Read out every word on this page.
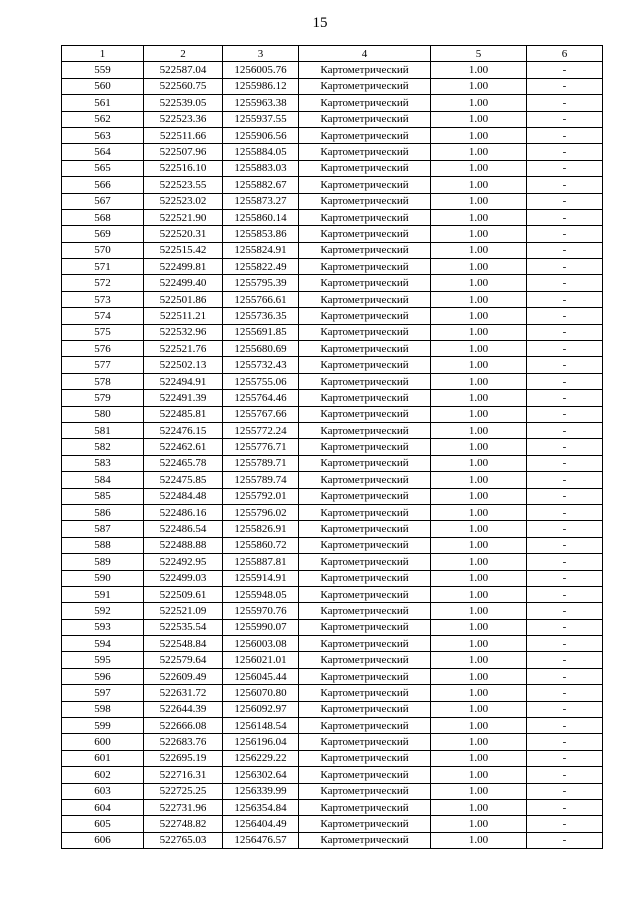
15
1	2	3	4	5	6
559	522587.04	1256005.76	Картометрический	1.00	-
560	522560.75	1255986.12	Картометрический	1.00	-
561	522539.05	1255963.38	Картометрический	1.00	-
562	522523.36	1255937.55	Картометрический	1.00	-
563	522511.66	1255906.56	Картометрический	1.00	-
564	522507.96	1255884.05	Картометрический	1.00	-
565	522516.10	1255883.03	Картометрический	1.00	-
566	522523.55	1255882.67	Картометрический	1.00	-
567	522523.02	1255873.27	Картометрический	1.00	-
568	522521.90	1255860.14	Картометрический	1.00	-
569	522520.31	1255853.86	Картометрический	1.00	-
570	522515.42	1255824.91	Картометрический	1.00	-
571	522499.81	1255822.49	Картометрический	1.00	-
572	522499.40	1255795.39	Картометрический	1.00	-
573	522501.86	1255766.61	Картометрический	1.00	-
574	522511.21	1255736.35	Картометрический	1.00	-
575	522532.96	1255691.85	Картометрический	1.00	-
576	522521.76	1255680.69	Картометрический	1.00	-
577	522502.13	1255732.43	Картометрический	1.00	-
578	522494.91	1255755.06	Картометрический	1.00	-
579	522491.39	1255764.46	Картометрический	1.00	-
580	522485.81	1255767.66	Картометрический	1.00	-
581	522476.15	1255772.24	Картометрический	1.00	-
582	522462.61	1255776.71	Картометрический	1.00	-
583	522465.78	1255789.71	Картометрический	1.00	-
584	522475.85	1255789.74	Картометрический	1.00	-
585	522484.48	1255792.01	Картометрический	1.00	-
586	522486.16	1255796.02	Картометрический	1.00	-
587	522486.54	1255826.91	Картометрический	1.00	-
588	522488.88	1255860.72	Картометрический	1.00	-
589	522492.95	1255887.81	Картометрический	1.00	-
590	522499.03	1255914.91	Картометрический	1.00	-
591	522509.61	1255948.05	Картометрический	1.00	-
592	522521.09	1255970.76	Картометрический	1.00	-
593	522535.54	1255990.07	Картометрический	1.00	-
594	522548.84	1256003.08	Картометрический	1.00	-
595	522579.64	1256021.01	Картометрический	1.00	-
596	522609.49	1256045.44	Картометрический	1.00	-
597	522631.72	1256070.80	Картометрический	1.00	-
598	522644.39	1256092.97	Картометрический	1.00	-
599	522666.08	1256148.54	Картометрический	1.00	-
600	522683.76	1256196.04	Картометрический	1.00	-
601	522695.19	1256229.22	Картометрический	1.00	-
602	522716.31	1256302.64	Картометрический	1.00	-
603	522725.25	1256339.99	Картометрический	1.00	-
604	522731.96	1256354.84	Картометрический	1.00	-
605	522748.82	1256404.49	Картометрический	1.00	-
606	522765.03	1256476.57	Картометрический	1.00	-
